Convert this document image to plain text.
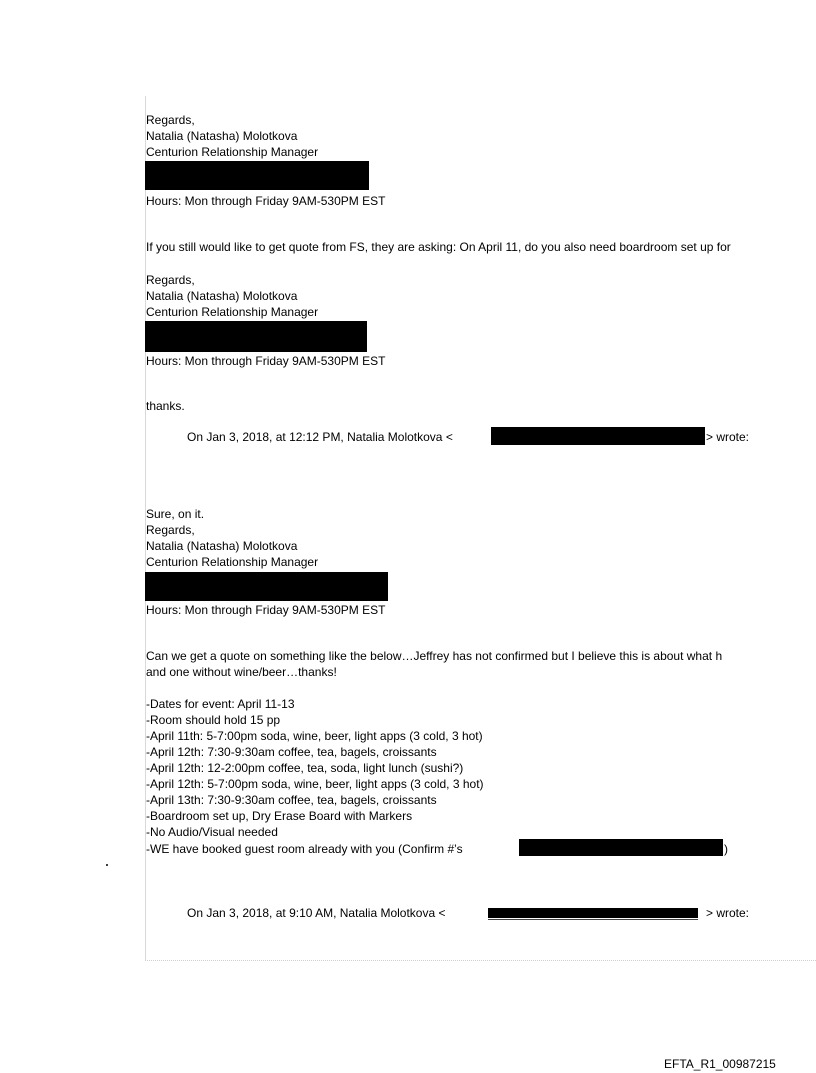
Regards,
Natalia (Natasha) Molotkova
Centurion Relationship Manager
Hours: Mon through Friday 9AM-530PM EST
If you still would like to get quote from FS, they are asking: On April 11, do you also need boardroom set up for
Regards,
Natalia (Natasha) Molotkova
Centurion Relationship Manager
Hours: Mon through Friday 9AM-530PM EST
thanks.
On Jan 3, 2018, at 12:12 PM, Natalia Molotkova <	> wrote:
Sure, on it.
Regards,
Natalia (Natasha) Molotkova
Centurion Relationship Manager
Hours: Mon through Friday 9AM-530PM EST
Can we get a quote on something like the below…Jeffrey has not confirmed but I believe this is about what h
and one without wine/beer…thanks!
-Dates for event: April 11-13
-Room should hold 15 pp
-April 11th: 5-7:00pm soda, wine, beer, light apps (3 cold, 3 hot)
-April 12th: 7:30-9:30am coffee, tea, bagels, croissants
-April 12th: 12-2:00pm coffee, tea, soda, light lunch (sushi?)
-April 12th: 5-7:00pm soda, wine, beer, light apps (3 cold, 3 hot)
-April 13th: 7:30-9:30am coffee, tea, bagels, croissants
-Boardroom set up, Dry Erase Board with Markers
-No Audio/Visual needed
-WE have booked guest room already with you (Confirm #’s	)
On Jan 3, 2018, at 9:10 AM, Natalia Molotkova <	> wrote:
EFTA_R1_00987215
